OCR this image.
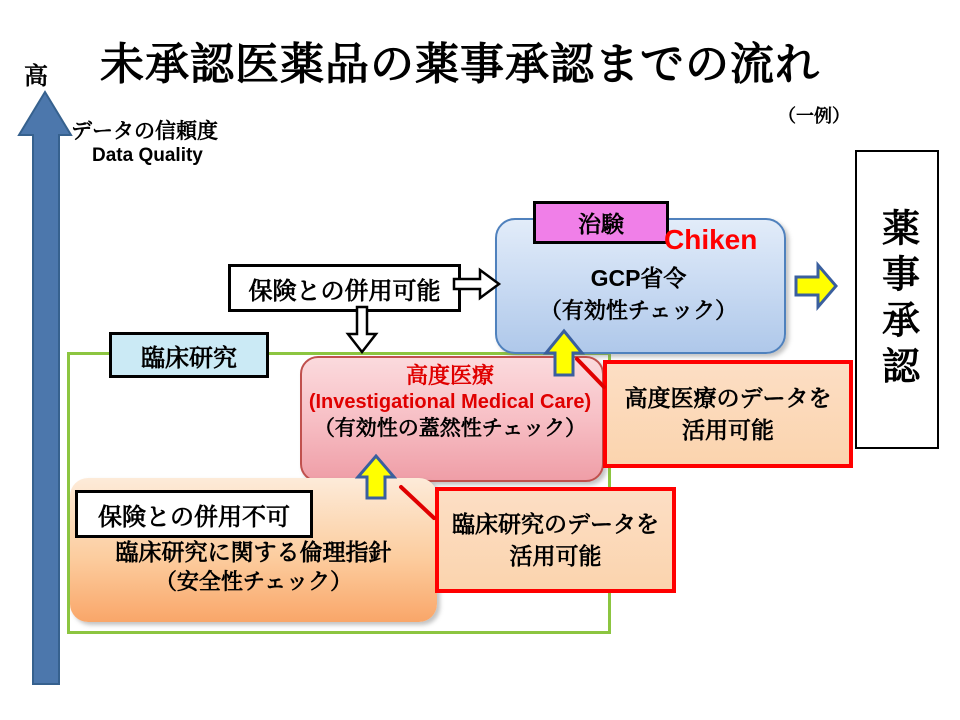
未承認医薬品の薬事承認までの流れ
（一例）
高
データの信頼度
Data Quality
GCP省令
（有効性チェック）
治験	Chiken
保険との併用可能
臨床研究
高度医療
(Investigational Medical Care)
（有効性の蓋然性チェック）
高度医療のデータを
活用可能
臨床研究に関する倫理指針
（安全性チェック）
保険との併用不可	臨床研究のデータを
活用可能
薬事承認
